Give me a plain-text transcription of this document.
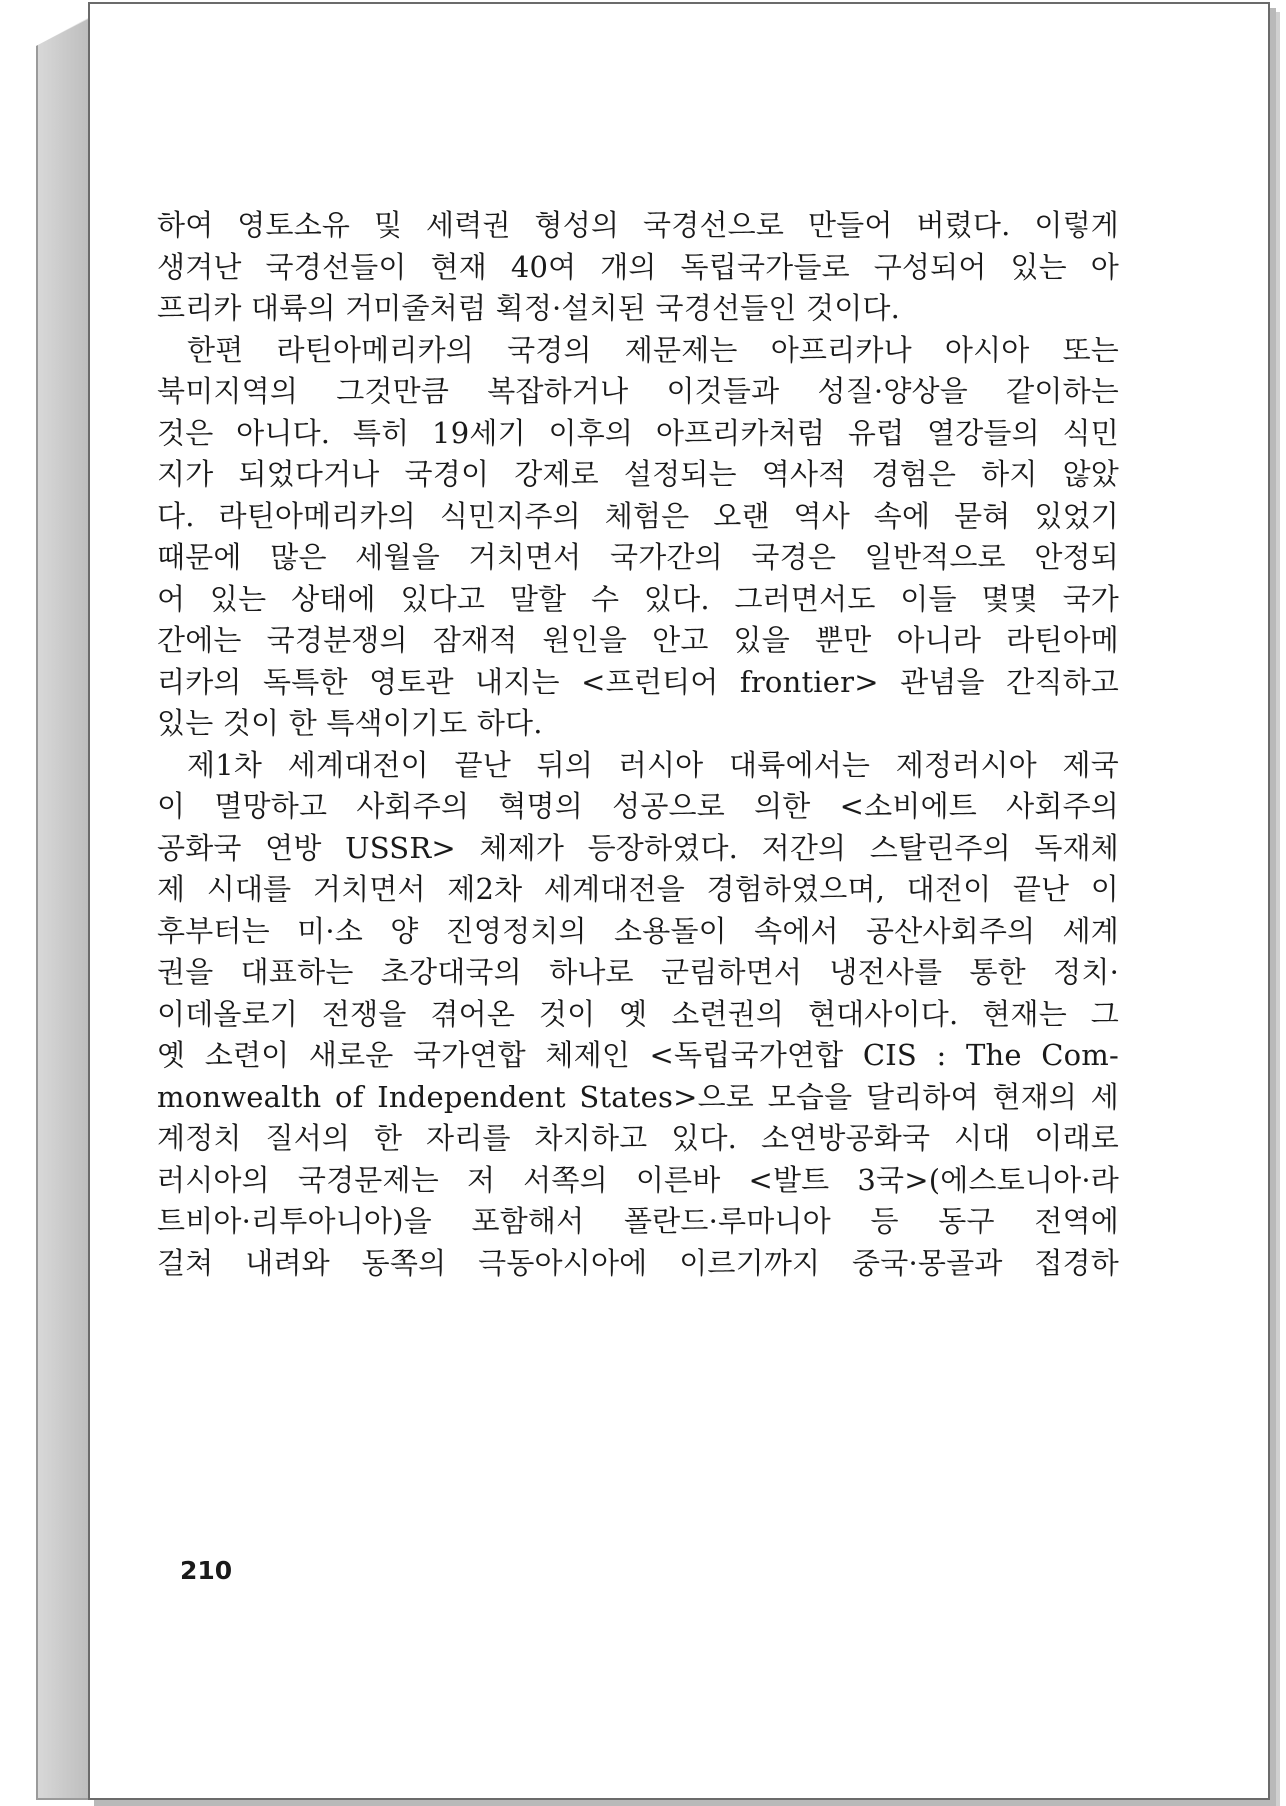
하여 영토소유 및 세력권 형성의 국경선으로 만들어 버렸다. 이렇게
생겨난 국경선들이 현재 40여 개의 독립국가들로 구성되어 있는 아
프리카 대륙의 거미줄처럼 획정·설치된 국경선들인 것이다.
한편 라틴아메리카의 국경의 제문제는 아프리카나 아시아 또는
북미지역의 그것만큼 복잡하거나 이것들과 성질·양상을 같이하는
것은 아니다. 특히 19세기 이후의 아프리카처럼 유럽 열강들의 식민
지가 되었다거나 국경이 강제로 설정되는 역사적 경험은 하지 않았
다. 라틴아메리카의 식민지주의 체험은 오랜 역사 속에 묻혀 있었기
때문에 많은 세월을 거치면서 국가간의 국경은 일반적으로 안정되
어 있는 상태에 있다고 말할 수 있다. 그러면서도 이들 몇몇 국가
간에는 국경분쟁의 잠재적 원인을 안고 있을 뿐만 아니라 라틴아메
리카의 독특한 영토관 내지는 <프런티어 frontier> 관념을 간직하고
있는 것이 한 특색이기도 하다.
제1차 세계대전이 끝난 뒤의 러시아 대륙에서는 제정러시아 제국
이 멸망하고 사회주의 혁명의 성공으로 의한 <소비에트 사회주의
공화국 연방 USSR> 체제가 등장하였다. 저간의 스탈린주의 독재체
제 시대를 거치면서 제2차 세계대전을 경험하였으며, 대전이 끝난 이
후부터는 미·소 양 진영정치의 소용돌이 속에서 공산사회주의 세계
권을 대표하는 초강대국의 하나로 군림하면서 냉전사를 통한 정치·
이데올로기 전쟁을 겪어온 것이 옛 소련권의 현대사이다. 현재는 그
옛 소련이 새로운 국가연합 체제인 <독립국가연합 CIS : The Com-
monwealth of Independent States>으로 모습을 달리하여 현재의 세
계정치 질서의 한 자리를 차지하고 있다. 소연방공화국 시대 이래로
러시아의 국경문제는 저 서쪽의 이른바 <발트 3국>(에스토니아·라
트비아·리투아니아)을 포함해서 폴란드·루마니아 등 동구 전역에
걸쳐 내려와 동쪽의 극동아시아에 이르기까지 중국·몽골과 접경하
210
